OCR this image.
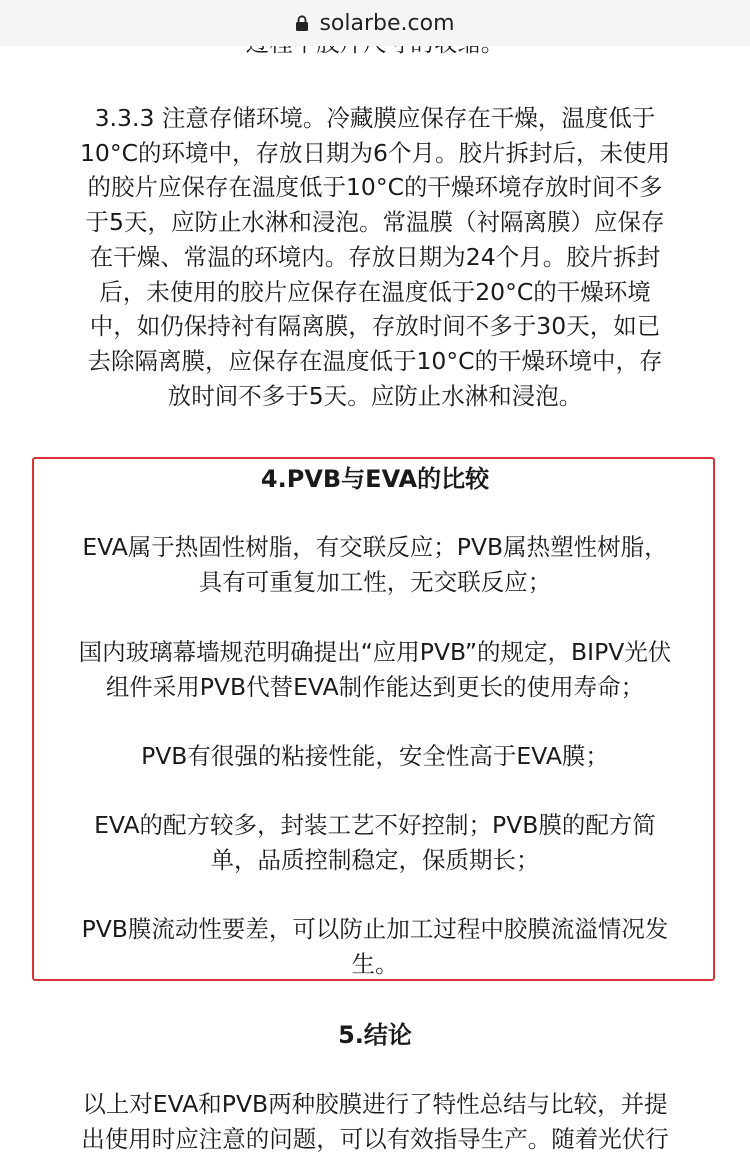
solarbe.com
3.3.3 注意存储环境。冷藏膜应保存在干燥，温度低于
10°C的环境中，存放日期为6个月。胶片拆封后，未使用
的胶片应保存在温度低于10°C的干燥环境存放时间不多
于5天，应防止水淋和浸泡。常温膜（衬隔离膜）应保存
在干燥、常温的环境内。存放日期为24个月。胶片拆封
后，未使用的胶片应保存在温度低于20°C的干燥环境
中，如仍保持衬有隔离膜，存放时间不多于30天，如已
去除隔离膜，应保存在温度低于10°C的干燥环境中，存
放时间不多于5天。应防止水淋和浸泡。
4.PVB与EVA的比较
EVA属于热固性树脂，有交联反应；PVB属热塑性树脂，
具有可重复加工性，无交联反应；
国内玻璃幕墙规范明确提出“应用PVB”的规定，BIPV光伏
组件采用PVB代替EVA制作能达到更长的使用寿命；
PVB有很强的粘接性能，安全性高于EVA膜；
EVA的配方较多，封装工艺不好控制；PVB膜的配方简
单，品质控制稳定，保质期长；
PVB膜流动性要差，可以防止加工过程中胶膜流溢情况发
生。
5.结论
以上对EVA和PVB两种胶膜进行了特性总结与比较，并提
出使用时应注意的问题，可以有效指导生产。随着光伏行
